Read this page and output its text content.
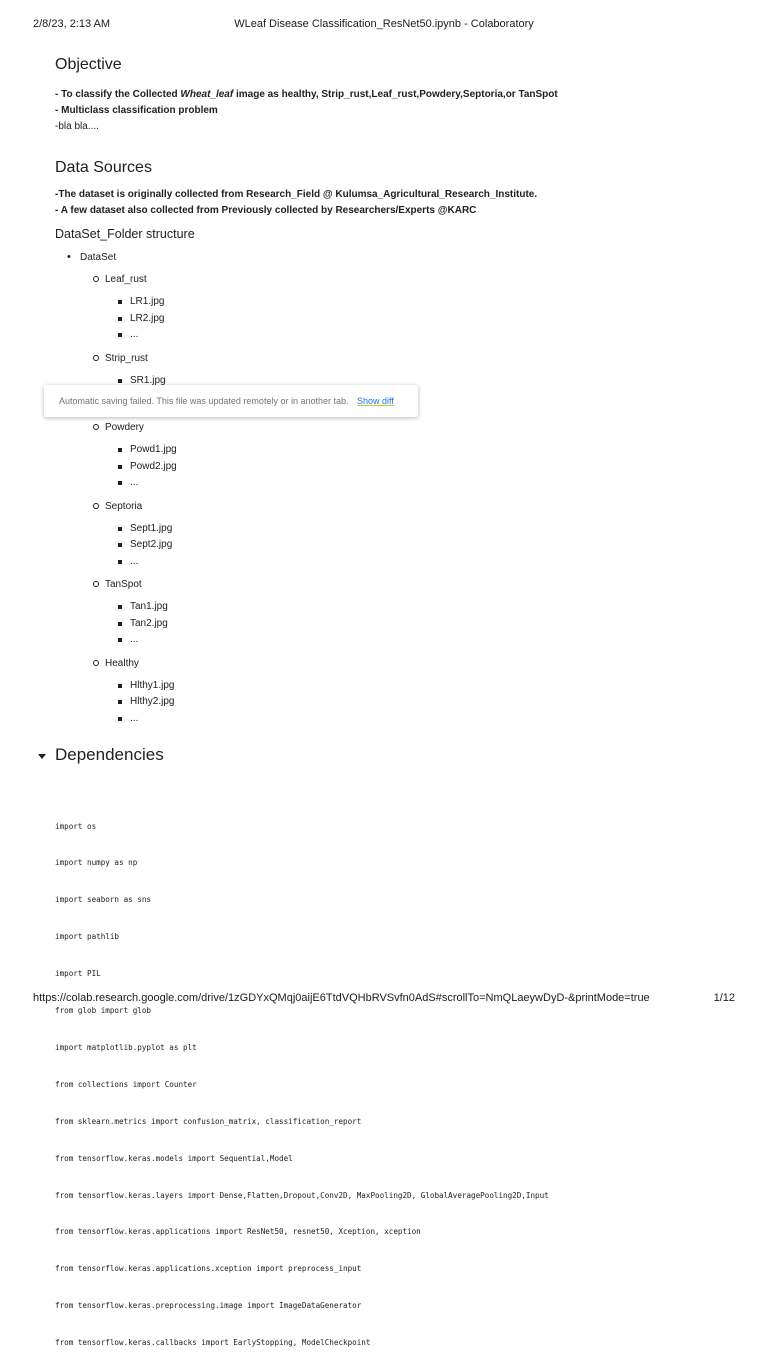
2/8/23, 2:13 AM	WLeaf Disease Classification_ResNet50.ipynb - Colaboratory
Objective

- To classify the Collected Wheat_leaf image as healthy, Strip_rust,Leaf_rust,Powdery,Septoria,or TanSpot

- Multiclass classification problem

-bla bla....

Data Sources

-The dataset is originally collected from Research_Field @ Kulumsa_Agricultural_Research_Institute.

- A few dataset also collected from Previously collected by Researchers/Experts @KARC

DataSet_Folder structure

• DataSet
Leaf_rust
LR1.jpg
LR2.jpg
...
Strip_rust
SR1.jpg
Powdery
Powd1.jpg
Powd2.jpg
...
Septoria
Sept1.jpg
Sept2.jpg
...
TanSpot
Tan1.jpg
Tan2.jpg
...
Healthy
Hlthy1.jpg
Hlthy2.jpg
...
Automatic saving failed. This file was updated remotely or in another tab. Show diff
Dependencies

import os

import numpy as np

import seaborn as sns

import pathlib

import PIL

from glob import glob

import matplotlib.pyplot as plt

from collections import Counter

from sklearn.metrics import confusion_matrix, classification_report

from tensorflow.keras.models import Sequential,Model

from tensorflow.keras.layers import Dense,Flatten,Dropout,Conv2D, MaxPooling2D, GlobalAveragePooling2D,Input

from tensorflow.keras.applications import ResNet50, resnet50, Xception, xception

from tensorflow.keras.applications.xception import preprocess_input

from tensorflow.keras.preprocessing.image import ImageDataGenerator

from tensorflow.keras.callbacks import EarlyStopping, ModelCheckpoint

https://colab.research.google.com/drive/1zGDYxQMqj0aijE6TtdVQHbRVSvfn0AdS#scrollTo=NmQLaeywDyD-&printMode=true	1/12
